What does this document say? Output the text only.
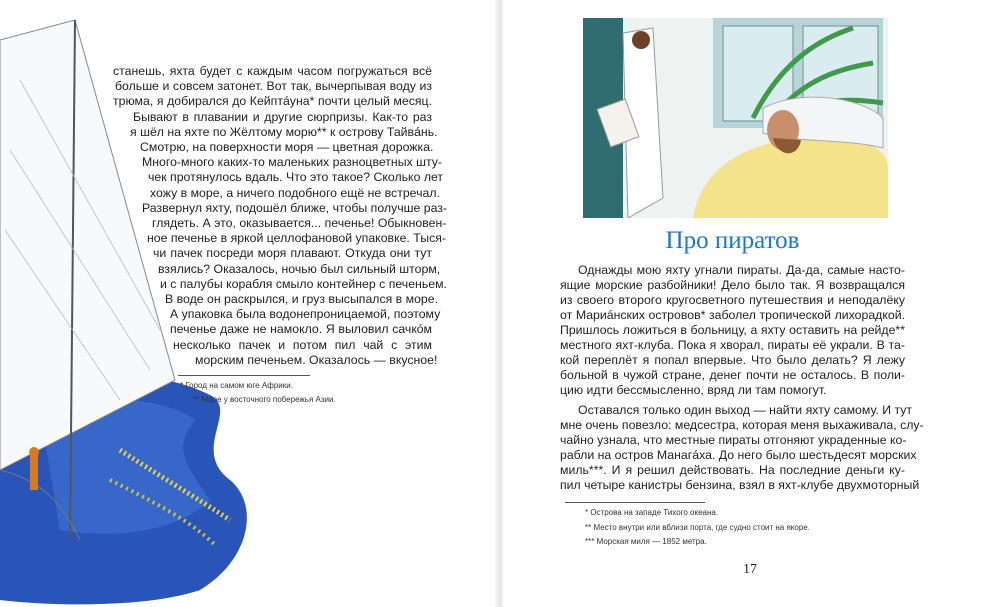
станешь, яхта будет с каждым часом погружаться всё
больше и совсем затонет. Вот так, вычерпывая воду из
трюма, я добирался до Кейптáуна* почти целый месяц.
Бывают в плавании и другие сюрпризы. Как-то раз
я шёл на яхте по Жёлтому морю** к острову Тайвáнь.
Смотрю, на поверхности моря — цветная дорожка.
Много-много каких-то маленьких разноцветных шту-
чек протянулось вдаль. Что это такое? Сколько лет
хожу в море, а ничего подобного ещё не встречал.
Развернул яхту, подошёл ближе, чтобы получше раз-
глядеть. А это, оказывается... печенье! Обыкновен-
ное печенье в яркой целлофановой упаковке. Тыся-
чи пачек посреди моря плавают. Откуда они тут
взялись? Оказалось, ночью был сильный шторм,
и с палубы корабля смыло контейнер с печеньем.
В воде он раскрылся, и груз высыпался в море.
А упаковка была водонепроницаемой, поэтому
печенье даже не намокло. Я выловил сачкóм
несколько пачек и потом пил чай с этим
морским печеньем. Оказалось — вкусное!
* Город на самом юге Африки.
** Море у восточного побережья Азии.
Однажды мою яхту угнали пираты. Да-да, самые насто-
ящие морские разбойники! Дело было так. Я возвращался
из своего второго кругосветного путешествия и неподалёку
от Мариáнских островов* заболел тропической лихорадкой.
Пришлось ложиться в больницу, а яхту оставить на рейде**
местного яхт-клуба. Пока я хворал, пираты её украли. В та-
кой переплёт я попал впервые. Что было делать? Я лежу
больной в чужой стране, денег почти не осталось. В поли-
цию идти бессмысленно, вряд ли там помогут.
Оставался только один выход — найти яхту самому. И тут
мне очень повезло: медсестра, которая меня выхаживала, слу-
чайно узнала, что местные пираты отгоняют украденные ко-
рабли на остров Манагáха. До него было шестьдесят морских
миль***. И я решил действовать. На последние деньги ку-
пил четыре канистры бензина, взял в яхт-клубе двухмоторный
* Острова на западе Тихого океана.
** Место внутри или вблизи порта, где судно стоит на якоре.
*** Морская миля — 1852 метра.
Про пиратов
17
